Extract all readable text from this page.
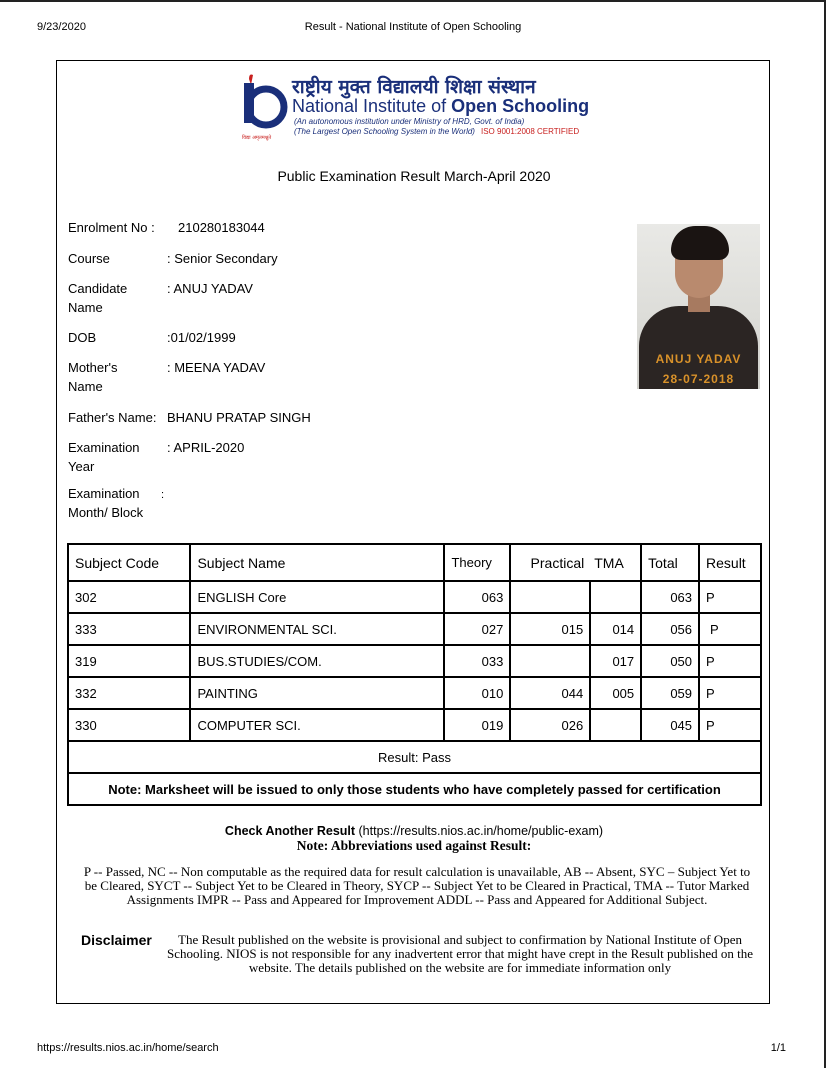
9/23/2020	Result - National Institute of Open Schooling
विद्या अमृतमश्नुते
राष्ट्रीय मुक्त विद्यालयी शिक्षा संस्थान
National Institute of Open Schooling
(An autonomous institution under Ministry of HRD, Govt. of India)
(The Largest Open Schooling System in the World) ISO 9001:2008 CERTIFIED
Public Examination Result March-April 2020
Enrolment No : 210280183044
Course	: Senior Secondary
Candidate
Name
: ANUJ YADAV
DOB	:01/02/1999
Mother's
Name
: MEENA YADAV
Father's Name: BHANU PRATAP SINGH
Examination
Year
: APRIL-2020
Examination
Month/ Block
:
ANUJ YADAV
28-07-2018
Subject Code	Subject Name	Theory	Practical	TMA	Total	Result
302	ENGLISH Core	063			063	P
333	ENVIRONMENTAL SCI.	027	015	014	056	P
319	BUS.STUDIES/COM.	033		017	050	P
332	PAINTING	010	044	005	059	P
330	COMPUTER SCI.	019	026		045	P
Result: Pass						
Note: Marksheet will be issued to only those students who have completely passed for certification						
Check Another Result (https://results.nios.ac.in/home/public-exam)
Note: Abbreviations used against Result:
P -- Passed, NC -- Non computable as the required data for result calculation is unavailable, AB -- Absent, SYC – Subject Yet to be Cleared, SYCT -- Subject Yet to be Cleared in Theory, SYCP -- Subject Yet to be Cleared in Practical, TMA -- Tutor Marked Assignments IMPR -- Pass and Appeared for Improvement ADDL -- Pass and Appeared for Additional Subject.
Disclaimer	The Result published on the website is provisional and subject to confirmation by National Institute of Open Schooling. NIOS is not responsible for any inadvertent error that might have crept in the Result published on the website. The details published on the website are for immediate information only
https://results.nios.ac.in/home/search	1/1
